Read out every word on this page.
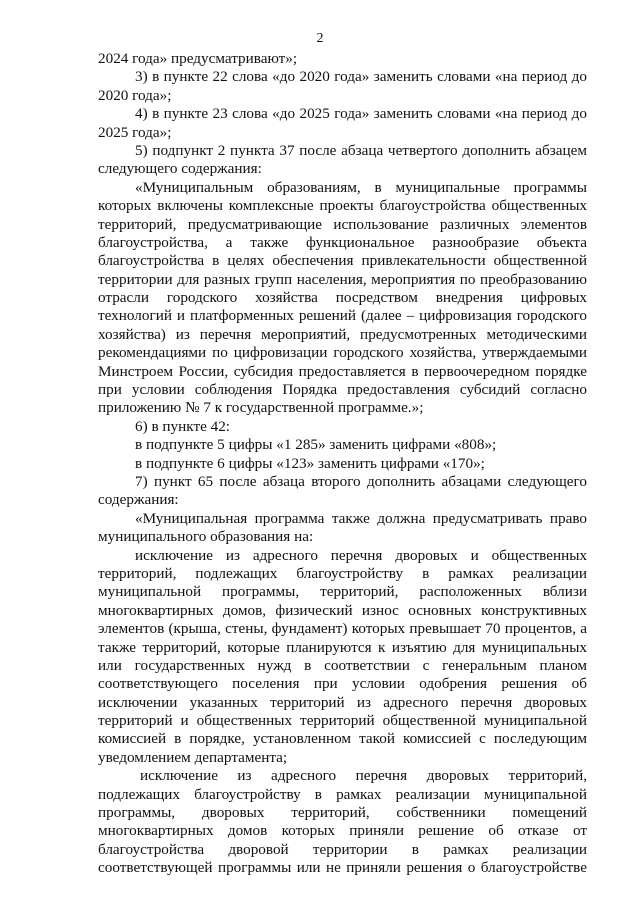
2
2024 года» предусматривают»;
3) в пункте 22 слова «до 2020 года» заменить словами «на период до
2020 года»;
4) в пункте 23 слова «до 2025 года» заменить словами «на период до
2025 года»;
5) подпункт 2 пункта 37 после абзаца четвертого дополнить абзацем
следующего содержания:
«Муниципальным образованиям, в муниципальные программы
которых включены комплексные проекты благоустройства общественных
территорий, предусматривающие использование различных элементов
благоустройства, а также функциональное разнообразие объекта
благоустройства в целях обеспечения привлекательности общественной
территории для разных групп населения, мероприятия по преобразованию
отрасли городского хозяйства посредством внедрения цифровых
технологий и платформенных решений (далее – цифровизация городского
хозяйства) из перечня мероприятий, предусмотренных методическими
рекомендациями по цифровизации городского хозяйства, утверждаемыми
Минстроем России, субсидия предоставляется в первоочередном порядке
при условии соблюдения Порядка предоставления субсидий согласно
приложению № 7 к государственной программе.»;
6) в пункте 42:
в подпункте 5 цифры «1 285» заменить цифрами «808»;
в подпункте 6 цифры «123» заменить цифрами «170»;
7) пункт 65 после абзаца второго дополнить абзацами следующего
содержания:
«Муниципальная программа также должна предусматривать право
муниципального образования на:
исключение из адресного перечня дворовых и общественных
территорий, подлежащих благоустройству в рамках реализации
муниципальной программы, территорий, расположенных вблизи
многоквартирных домов, физический износ основных конструктивных
элементов (крыша, стены, фундамент) которых превышает 70 процентов, а
также территорий, которые планируются к изъятию для муниципальных
или государственных нужд в соответствии с генеральным планом
соответствующего поселения при условии одобрения решения об
исключении указанных территорий из адресного перечня дворовых
территорий и общественных территорий общественной муниципальной
комиссией в порядке, установленном такой комиссией с последующим
уведомлением департамента;
исключение из адресного перечня дворовых территорий,
подлежащих благоустройству в рамках реализации муниципальной
программы, дворовых территорий, собственники помещений
многоквартирных домов которых приняли решение об отказе от
благоустройства дворовой территории в рамках реализации
соответствующей программы или не приняли решения о благоустройстве
